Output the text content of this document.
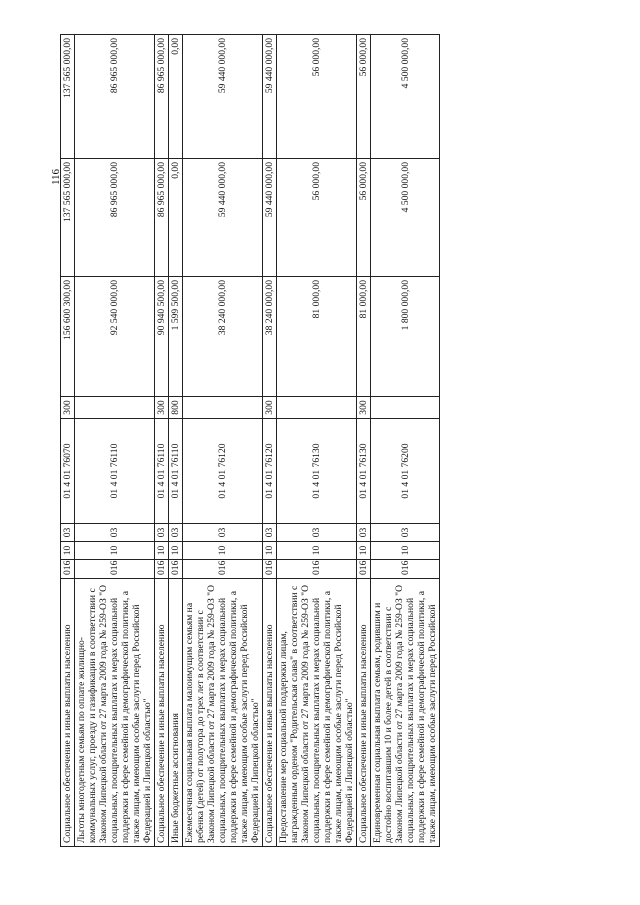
116
Социальное обеспечение и иные выплаты населению	016	10	03	01 4 01 76070	300	156 600 300,00	137 565 000,00	137 565 000,00
Льготы многодетным семьям по оплате жилищно-коммунальных услуг, проезду и газификации в соответствии с Законом Липецкой области от 27 марта 2009 года № 259-ОЗ "О социальных, поощрительных выплатах и мерах социальной поддержки в сфере семейной и демографической политики, а также лицам, имеющим особые заслуги перед Российской Федерацией и Липецкой областью"	016	10	03	01 4 01 76110		92 540 000,00	86 965 000,00	86 965 000,00
Социальное обеспечение и иные выплаты населению	016	10	03	01 4 01 76110	300	90 940 500,00	86 965 000,00	86 965 000,00
Иные бюджетные ассигнования	016	10	03	01 4 01 76110	800	1 599 500,00	0,00	0,00
Ежемесячная социальная выплата малоимущим семьям на ребенка (детей) от полутора до трех лет в соответствии с Законом Липецкой области от 27 марта 2009 года № 259-ОЗ "О социальных, поощрительных выплатах и мерах социальной поддержки в сфере семейной и демографической политики, а также лицам, имеющим особые заслуги перед Российской Федерацией и Липецкой областью"	016	10	03	01 4 01 76120		38 240 000,00	59 440 000,00	59 440 000,00
Социальное обеспечение и иные выплаты населению	016	10	03	01 4 01 76120	300	38 240 000,00	59 440 000,00	59 440 000,00
Предоставление мер социальной поддержки лицам, награжденным орденом "Родительская слава" в соответствии с Законом Липецкой области от 27 марта 2009 года № 259-ОЗ "О социальных, поощрительных выплатах и мерах социальной поддержки в сфере семейной и демографической политики, а также лицам, имеющим особые заслуги перед Российской Федерацией и Липецкой областью"	016	10	03	01 4 01 76130		81 000,00	56 000,00	56 000,00
Социальное обеспечение и иные выплаты населению	016	10	03	01 4 01 76130	300	81 000,00	56 000,00	56 000,00
Единовременная социальная выплата семьям, родившим и достойно воспитавшим 10 и более детей в соответствии с Законом Липецкой области от 27 марта 2009 года № 259-ОЗ "О социальных, поощрительных выплатах и мерах социальной поддержки в сфере семейной и демографической политики, а также лицам, имеющим особые заслуги перед Российской	016	10	03	01 4 01 76200		1 800 000,00	4 500 000,00	4 500 000,00
